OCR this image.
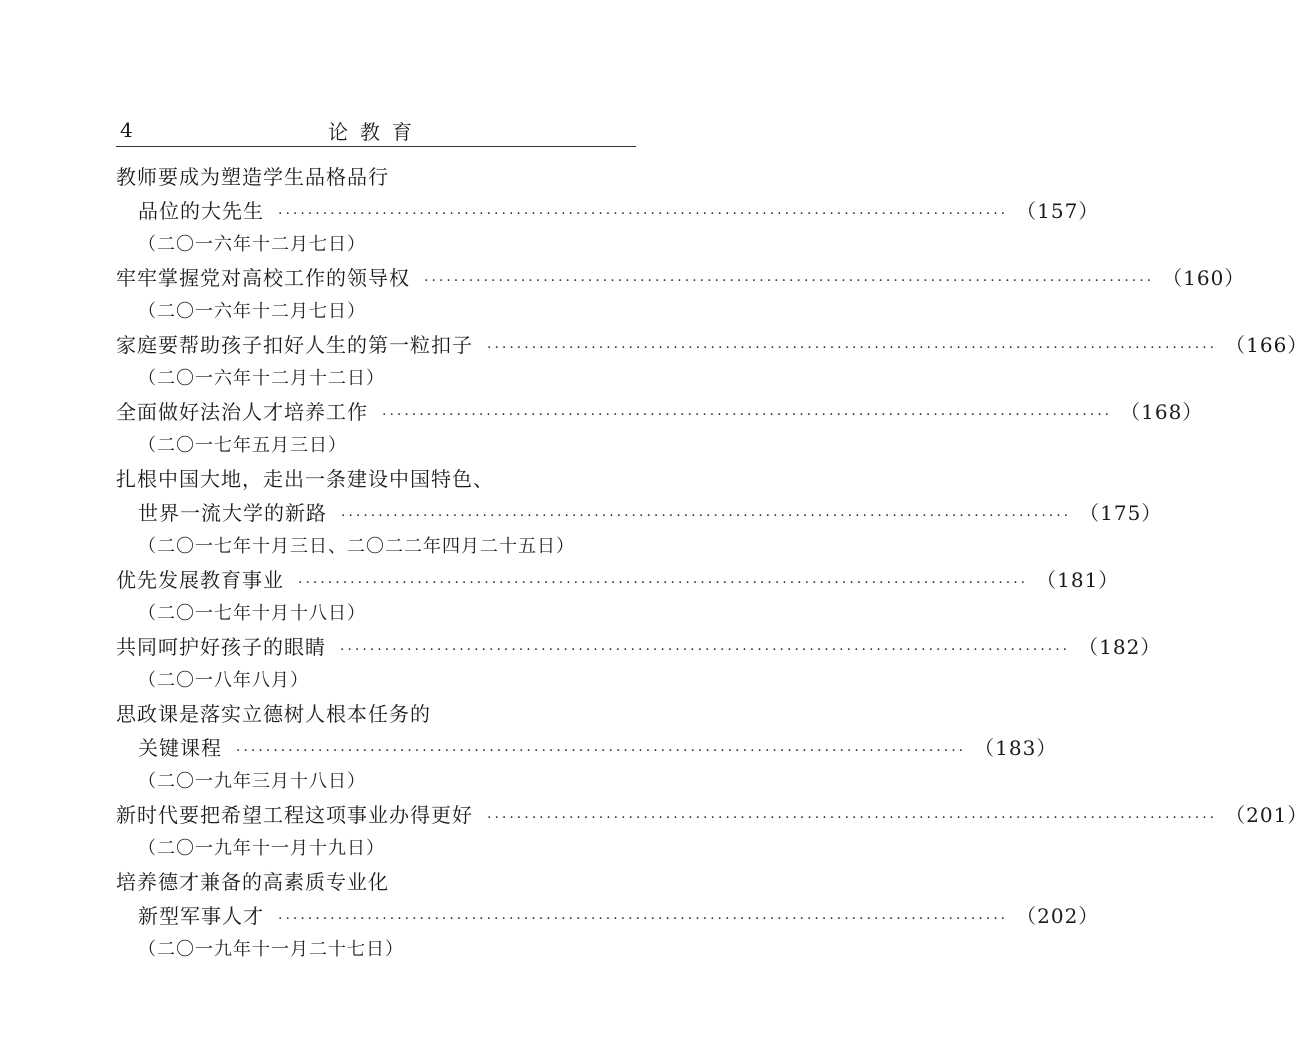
4	论教育
教师要成为塑造学生品格品行
品位的大先生 ·································································································· （157）
（二〇一六年十二月七日）
牢牢掌握党对高校工作的领导权 ·································································································· （160）
（二〇一六年十二月七日）
家庭要帮助孩子扣好人生的第一粒扣子 ·································································································· （166）
（二〇一六年十二月十二日）
全面做好法治人才培养工作 ·································································································· （168）
（二〇一七年五月三日）
扎根中国大地，走出一条建设中国特色、
世界一流大学的新路 ·································································································· （175）
（二〇一七年十月三日、二〇二二年四月二十五日）
优先发展教育事业 ·································································································· （181）
（二〇一七年十月十八日）
共同呵护好孩子的眼睛 ·································································································· （182）
（二〇一八年八月）
思政课是落实立德树人根本任务的
关键课程 ·································································································· （183）
（二〇一九年三月十八日）
新时代要把希望工程这项事业办得更好 ·································································································· （201）
（二〇一九年十一月十九日）
培养德才兼备的高素质专业化
新型军事人才 ·································································································· （202）
（二〇一九年十一月二十七日）
